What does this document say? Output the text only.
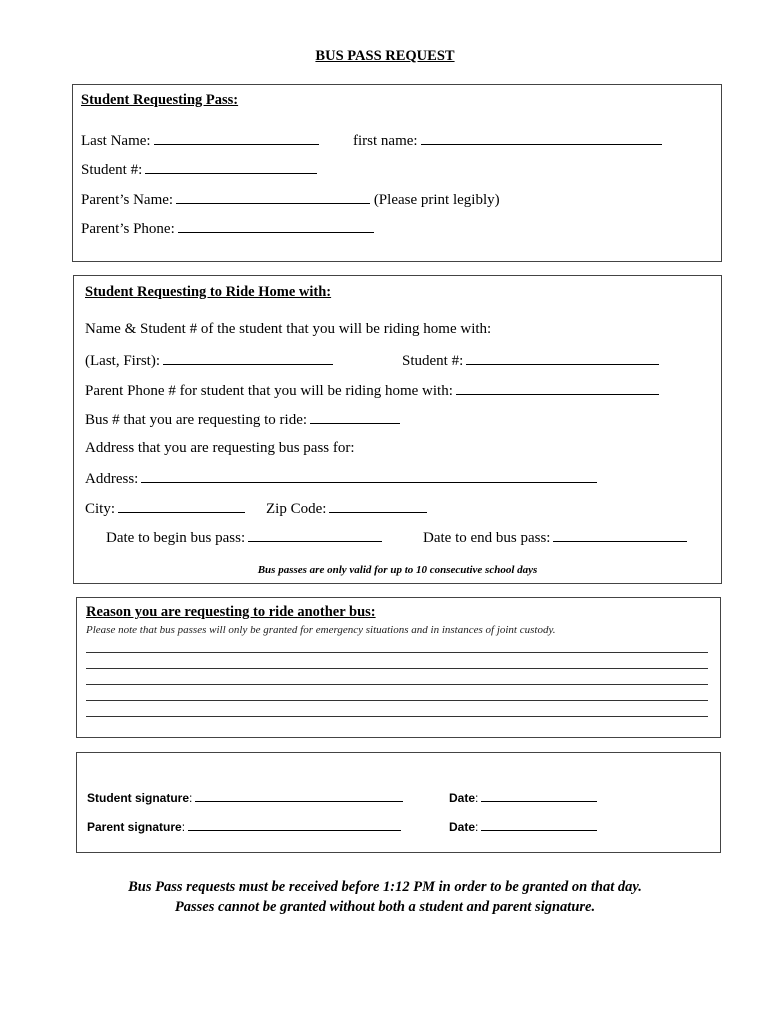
BUS PASS REQUEST
Student Requesting Pass:
Last Name:	first name:
Student #:
Parent’s Name:	(Please print legibly)
Parent’s Phone:
Student Requesting to Ride Home with:
Name & Student # of the student that you will be riding home with:
(Last, First):	Student #:
Parent Phone # for student that you will be riding home with:
Bus # that you are requesting to ride:
Address that you are requesting bus pass for:
Address:
City:	Zip Code:
Date to begin bus pass:	Date to end bus pass:
Bus passes are only valid for up to 10 consecutive school days
Reason you are requesting to ride another bus:
Please note that bus passes will only be granted for emergency situations and in instances of joint custody.
Student signature:	Date:
Parent signature:	Date:
Bus Pass requests must be received before 1:12 PM in order to be granted on that day.
Passes cannot be granted without both a student and parent signature.
